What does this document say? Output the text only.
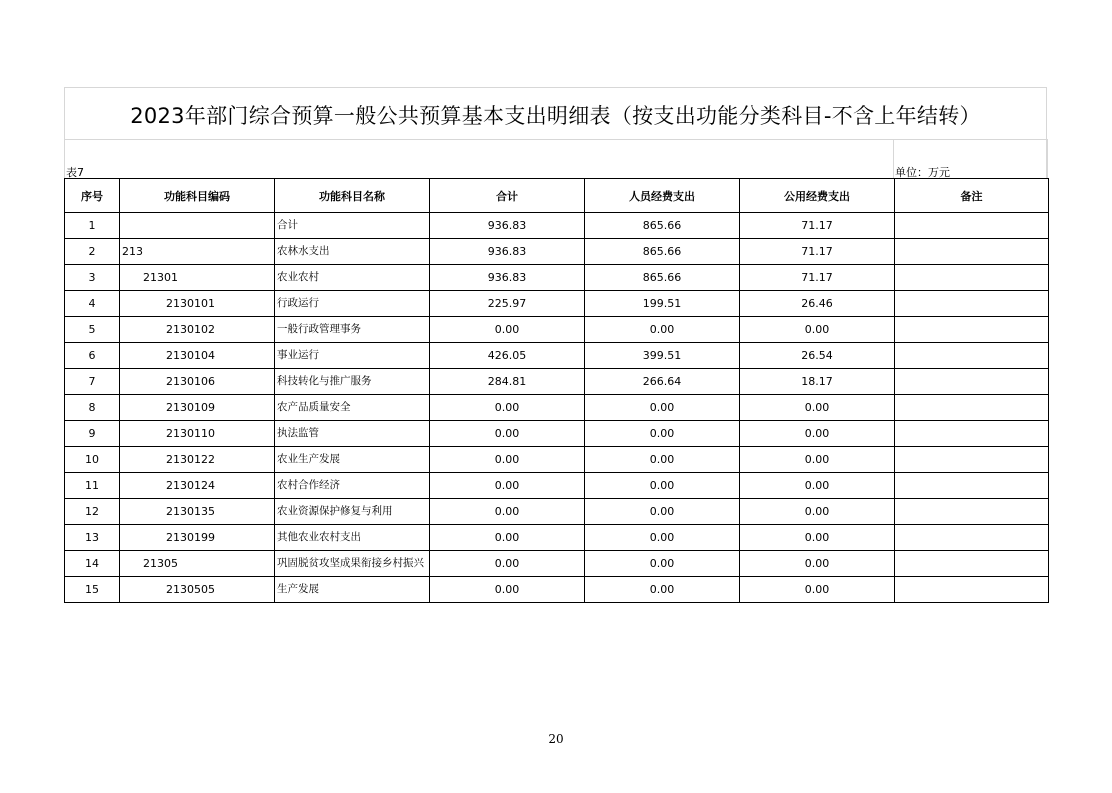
2023年部门综合预算一般公共预算基本支出明细表（按支出功能分类科目-不含上年结转）
表7	单位：万元
序号	功能科目编码	功能科目名称	合计	人员经费支出	公用经费支出	备注
1		合计	936.83	865.66	71.17	
2	213	农林水支出	936.83	865.66	71.17	
3	21301	农业农村	936.83	865.66	71.17	
4	2130101	行政运行	225.97	199.51	26.46	
5	2130102	一般行政管理事务	0.00	0.00	0.00	
6	2130104	事业运行	426.05	399.51	26.54	
7	2130106	科技转化与推广服务	284.81	266.64	18.17	
8	2130109	农产品质量安全	0.00	0.00	0.00	
9	2130110	执法监管	0.00	0.00	0.00	
10	2130122	农业生产发展	0.00	0.00	0.00	
11	2130124	农村合作经济	0.00	0.00	0.00	
12	2130135	农业资源保护修复与利用	0.00	0.00	0.00	
13	2130199	其他农业农村支出	0.00	0.00	0.00	
14	21305	巩固脱贫攻坚成果衔接乡村振兴	0.00	0.00	0.00	
15	2130505	生产发展	0.00	0.00	0.00	
20
